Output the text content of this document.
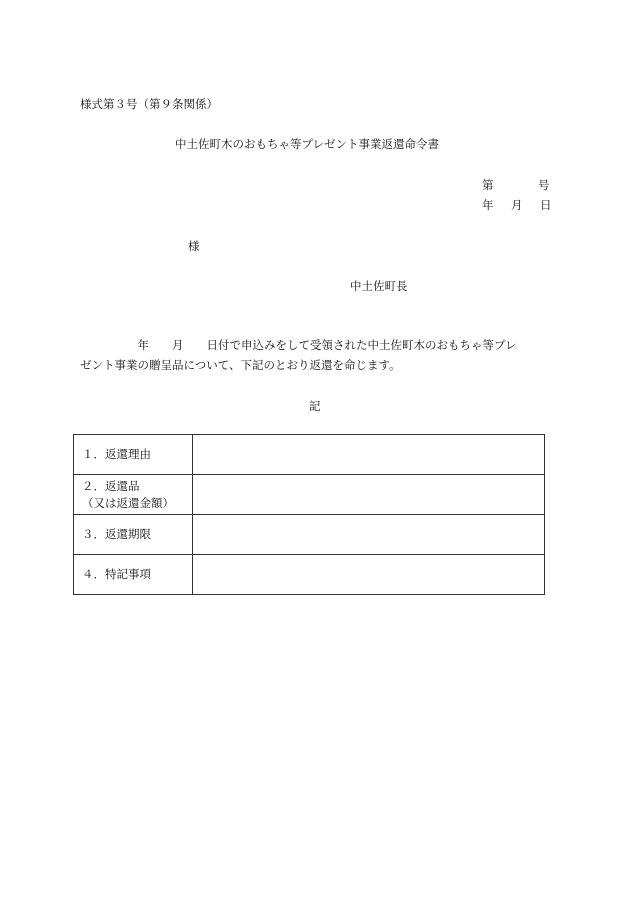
様式第３号（第９条関係）
中土佐町木のおもちゃ等プレゼント事業返還命令書
第	号
年 月 日
様
中土佐町長
　　　　　年　　月　　日付で申込みをして受領された中土佐町木のおもちゃ等プレ
ゼント事業の贈呈品について、下記のとおり返還を命じます。
記
１．返還理由	

２．返還品
（又は返還金額）	

３．返還期限	
４．特記事項	
